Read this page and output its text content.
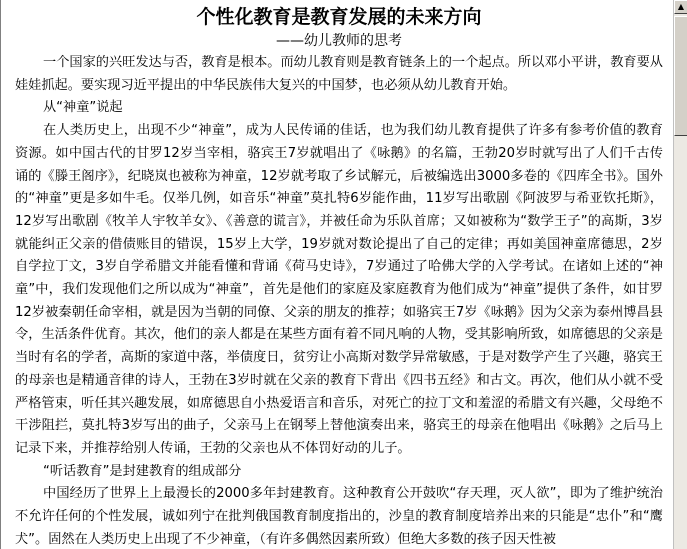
个性化教育是教育发展的未来方向

——幼儿教师的思考

一个国家的兴旺发达与否，教育是根本。而幼儿教育则是教育链条上的一个起点。所以邓小平讲，教育要从娃娃抓起。要实现习近平提出的中华民族伟大复兴的中国梦，也必须从幼儿教育开始。

从“神童”说起

在人类历史上，出现不少“神童”，成为人民传诵的佳话，也为我们幼儿教育提供了许多有参考价值的教育资源。如中国古代的甘罗12岁当宰相，骆宾王7岁就唱出了《咏鹅》的名篇，王勃20岁时就写出了人们千古传诵的《滕王阁序》，纪晓岚也被称为神童，12岁就考取了乡试解元，后被编选出3000多卷的《四库全书》。国外的“神童”更是多如牛毛。仅举几例，如音乐“神童”莫扎特6岁能作曲，11岁写出歌剧《阿波罗与希亚钦托斯》，12岁写出歌剧《牧羊人宇牧羊女》、《善意的谎言》，并被任命为乐队首席；又如被称为“数学王子”的高斯，3岁就能纠正父亲的借债账目的错误，15岁上大学，19岁就对数论提出了自己的定律；再如美国神童席德思，2岁自学拉丁文，3岁自学希腊文并能看懂和背诵《荷马史诗》，7岁通过了哈佛大学的入学考试。在诸如上述的“神童”中，我们发现他们之所以成为“神童”，首先是他们的家庭及家庭教育为他们成为“神童”提供了条件，如甘罗12岁被秦朝任命宰相，就是因为当朝的同僚、父亲的朋友的推荐；如骆宾王7岁《咏鹅》因为父亲为泰州博昌县令，生活条件优育。其次，他们的亲人都是在某些方面有着不同凡响的人物，受其影响所致，如席德思的父亲是当时有名的学者，高斯的家道中落，举债度日，贫穷让小高斯对数学异常敏感，于是对数学产生了兴趣，骆宾王的母亲也是精通音律的诗人，王勃在3岁时就在父亲的教育下背出《四书五经》和古文。再次，他们从小就不受严格管束，听任其兴趣发展，如席德思自小热爱语言和音乐，对死亡的拉丁文和羞涩的希腊文有兴趣，父母绝不干涉阻拦，莫扎特3岁写出的曲子，父亲马上在钢琴上替他演奏出来，骆宾王的母亲在他唱出《咏鹅》之后马上记录下来，并推荐给别人传诵，王勃的父亲也从不体罚好动的儿子。

“听话教育”是封建教育的组成部分

中国经历了世界上上最漫长的2000多年封建教育。这种教育公开鼓吹“存天理，灭人欲”，即为了维护统治不允许任何的个性发展，诚如列宁在批判俄国教育制度指出的，沙皇的教育制度培养出来的只能是“忠仆”和“鹰犬”。固然在人类历史上出现了不少神童，（有许多偶然因素所致）但绝大多数的孩子因天性被

▲
